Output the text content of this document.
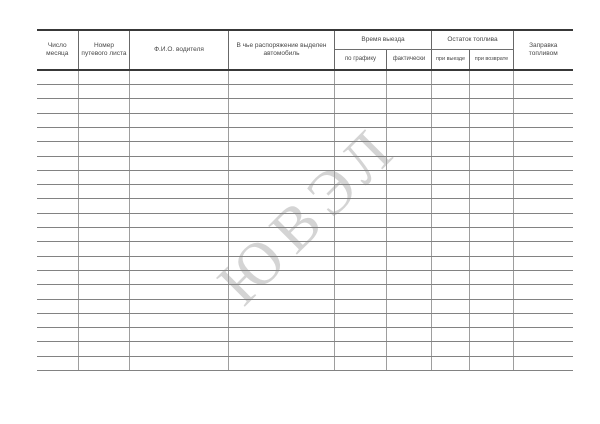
ЮВЭЛ
Число месяца	Номер путевого листа	Ф.И.О. водителя	В чье распоряжение выделен автомобиль	Время выезда		Остаток топлива		Заправка топливом
				по графику	фактически	при выезде	при возврате	
